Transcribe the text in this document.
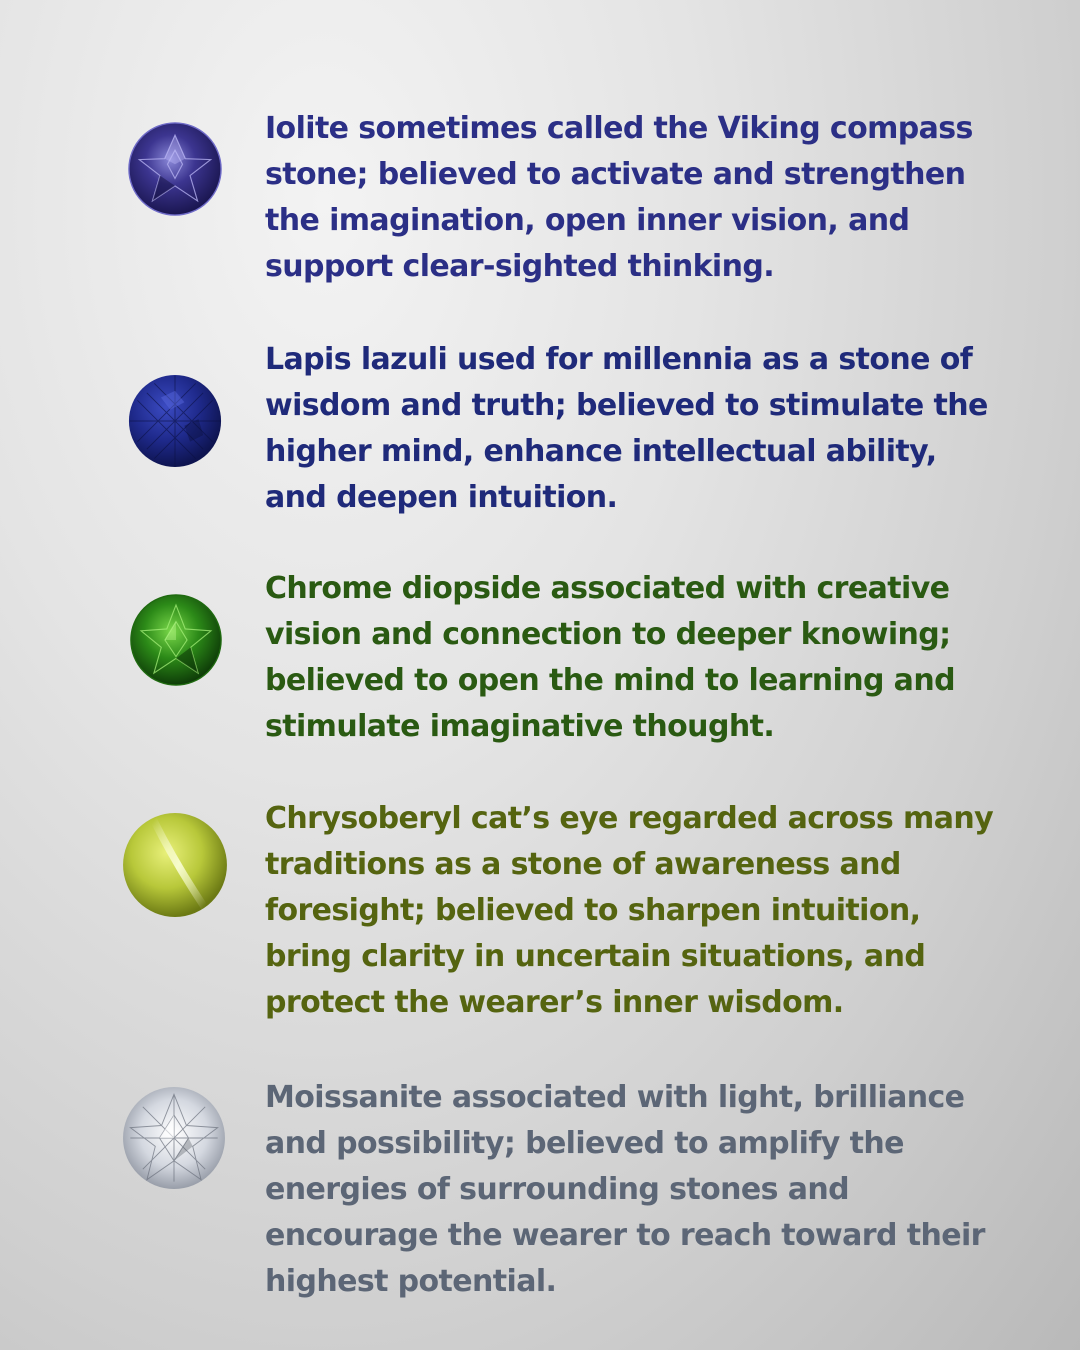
Iolite sometimes called the Viking compass stone; believed to activate and strengthen the imagination, open inner vision, and support clear-sighted thinking.
Lapis lazuli used for millennia as a stone of wisdom and truth; believed to stimulate the higher mind, enhance intellectual ability, and deepen intuition.
Chrome diopside associated with creative vision and connection to deeper knowing; believed to open the mind to learning and stimulate imaginative thought.
Chrysoberyl cat’s eye regarded across many traditions as a stone of awareness and foresight; believed to sharpen intuition, bring clarity in uncertain situations, and protect the wearer’s inner wisdom.
Moissanite associated with light, brilliance and possibility; believed to amplify the energies of surrounding stones and encourage the wearer to reach toward their highest potential.
